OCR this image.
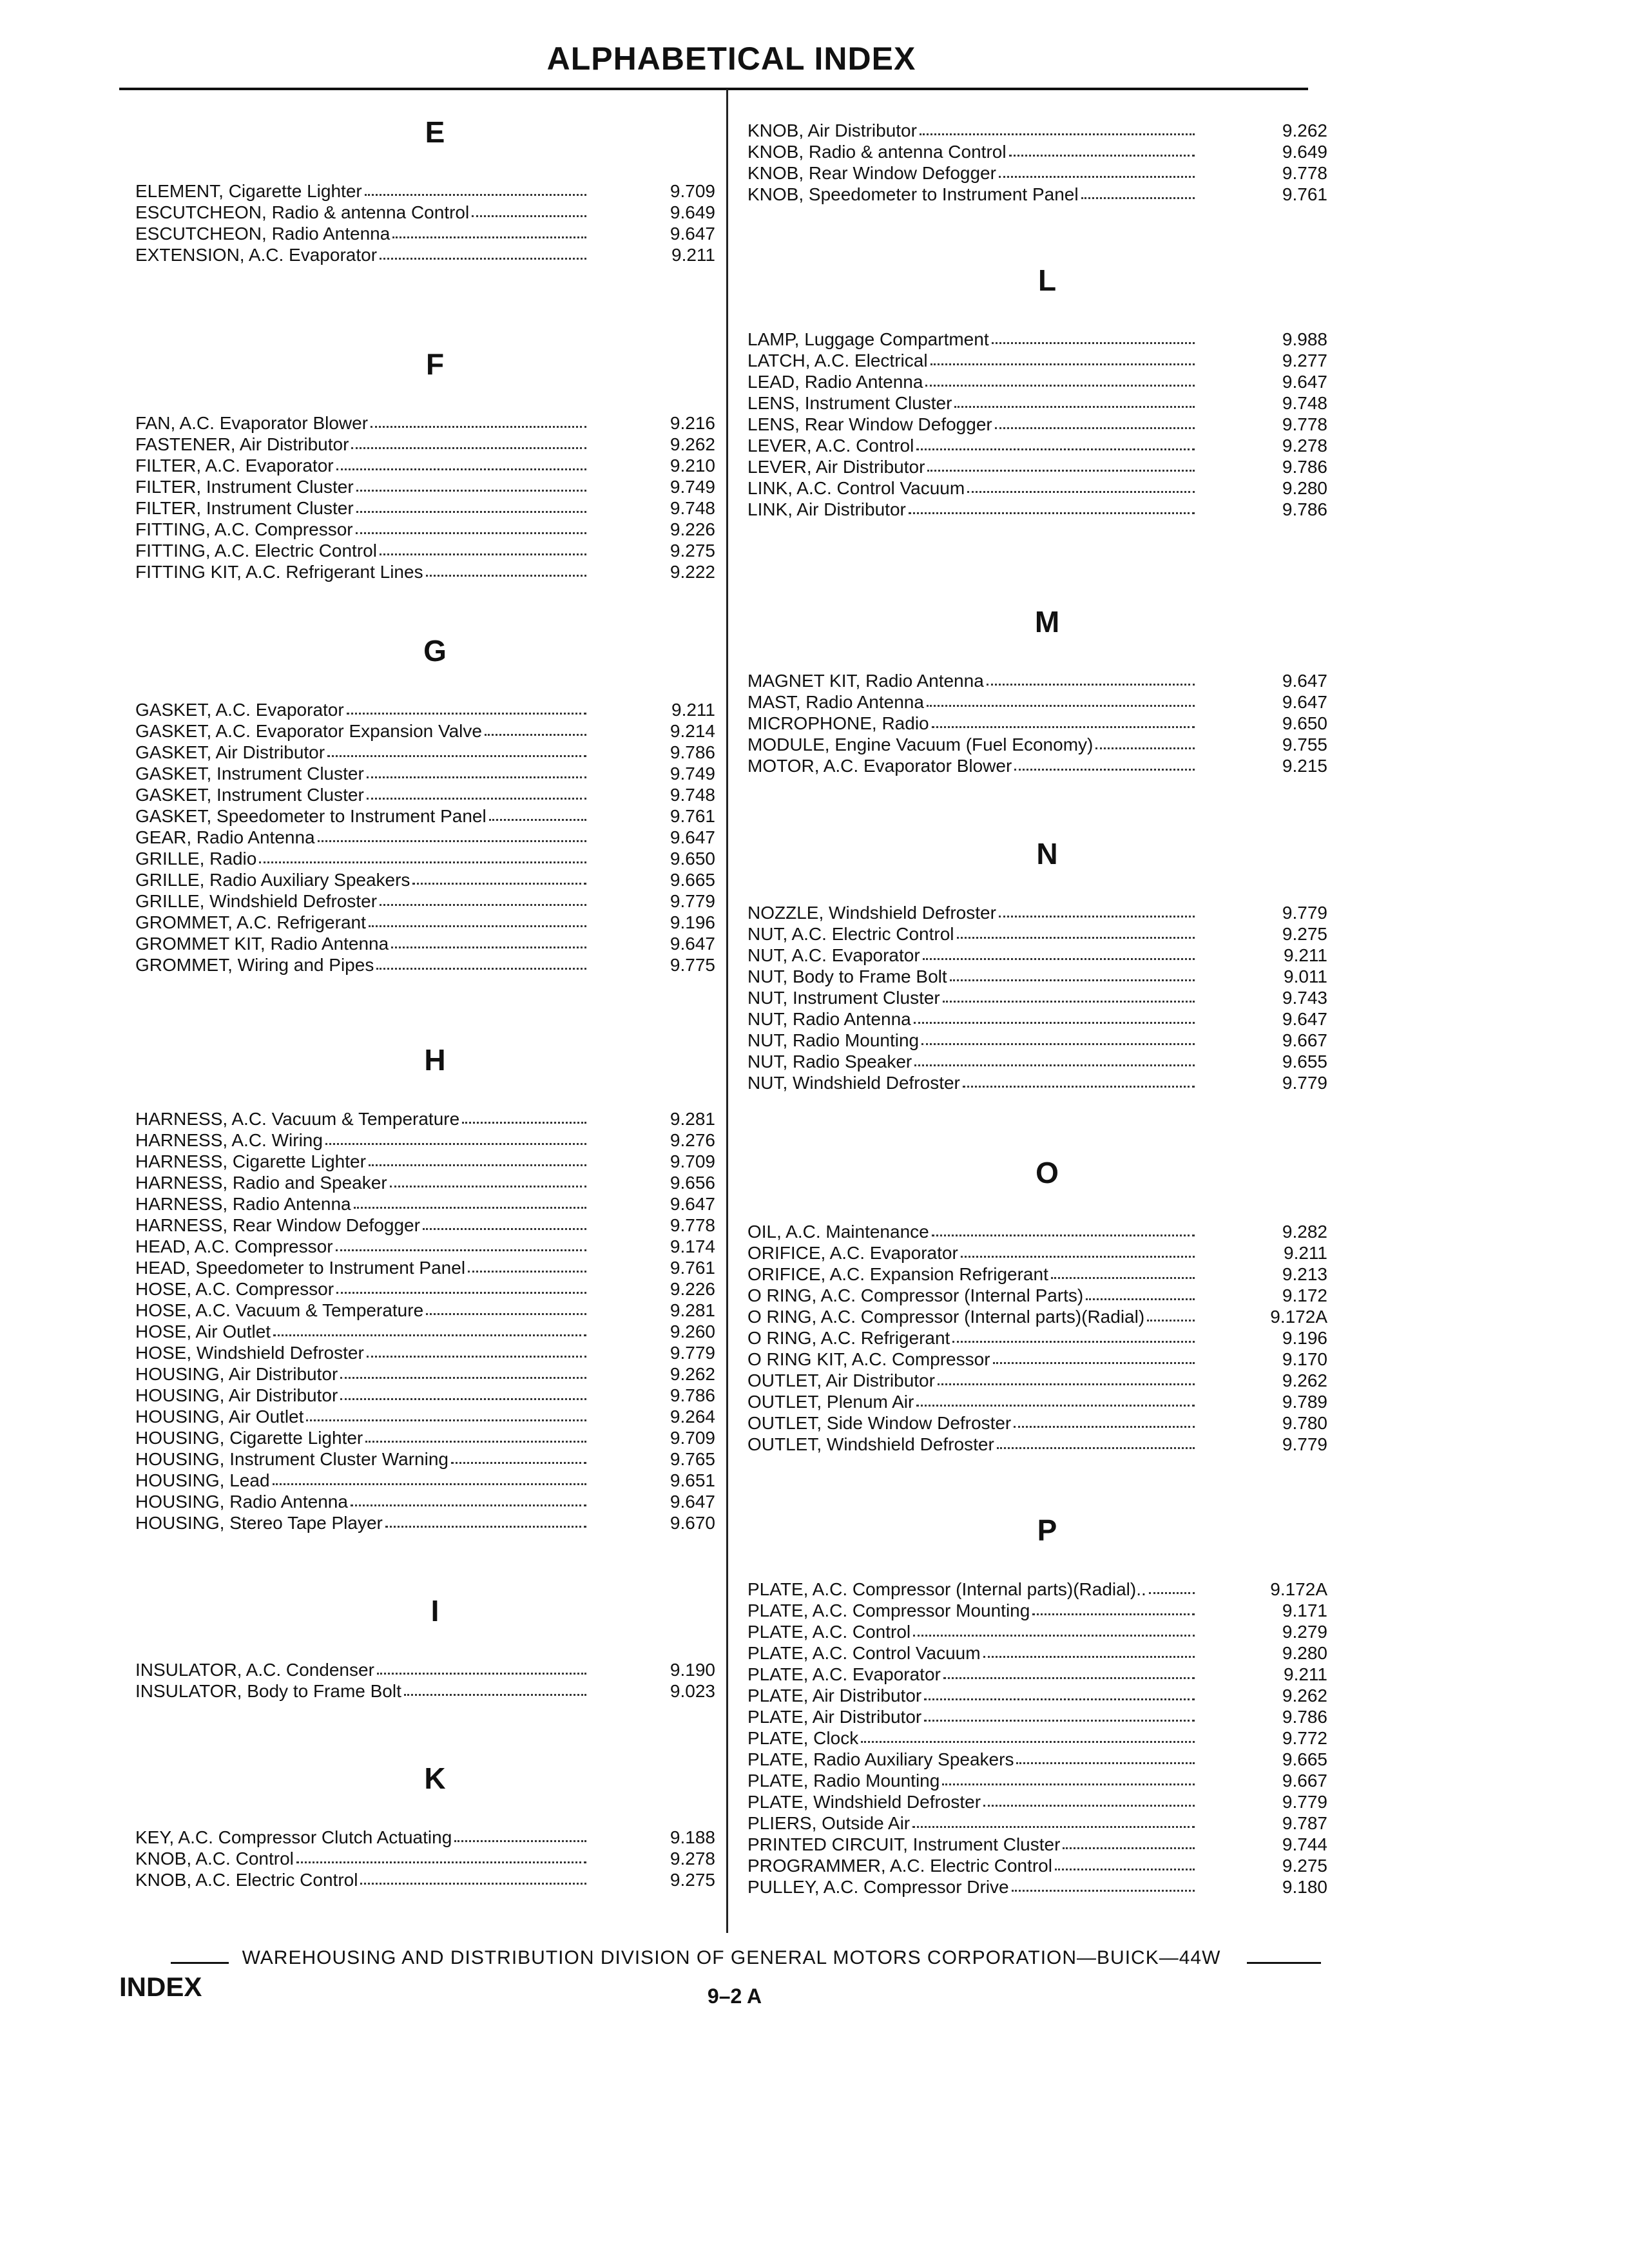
ALPHABETICAL INDEX
E
ELEMENT, Cigarette Lighter	9.709
ESCUTCHEON, Radio & antenna Control	9.649
ESCUTCHEON, Radio Antenna	9.647
EXTENSION, A.C. Evaporator	9.211
F
FAN, A.C. Evaporator Blower	9.216
FASTENER, Air Distributor	9.262
FILTER, A.C. Evaporator	9.210
FILTER, Instrument Cluster	9.749
FILTER, Instrument Cluster	9.748
FITTING, A.C. Compressor	9.226
FITTING, A.C. Electric Control	9.275
FITTING KIT, A.C. Refrigerant Lines	9.222
G
GASKET, A.C. Evaporator	9.211
GASKET, A.C. Evaporator Expansion Valve	9.214
GASKET, Air Distributor	9.786
GASKET, Instrument Cluster	9.749
GASKET, Instrument Cluster	9.748
GASKET, Speedometer to Instrument Panel	9.761
GEAR, Radio Antenna	9.647
GRILLE, Radio	9.650
GRILLE, Radio Auxiliary Speakers	9.665
GRILLE, Windshield Defroster	9.779
GROMMET, A.C. Refrigerant	9.196
GROMMET KIT, Radio Antenna	9.647
GROMMET, Wiring and Pipes	9.775
H
HARNESS, A.C. Vacuum & Temperature	9.281
HARNESS, A.C. Wiring	9.276
HARNESS, Cigarette Lighter	9.709
HARNESS, Radio and Speaker	9.656
HARNESS, Radio Antenna	9.647
HARNESS, Rear Window Defogger	9.778
HEAD, A.C. Compressor	9.174
HEAD, Speedometer to Instrument Panel	9.761
HOSE, A.C. Compressor	9.226
HOSE, A.C. Vacuum & Temperature	9.281
HOSE, Air Outlet	9.260
HOSE, Windshield Defroster	9.779
HOUSING, Air Distributor	9.262
HOUSING, Air Distributor	9.786
HOUSING, Air Outlet	9.264
HOUSING, Cigarette Lighter	9.709
HOUSING, Instrument Cluster Warning	9.765
HOUSING, Lead	9.651
HOUSING, Radio Antenna	9.647
HOUSING, Stereo Tape Player	9.670
I
INSULATOR, A.C. Condenser	9.190
INSULATOR, Body to Frame Bolt	9.023
K
KEY, A.C. Compressor Clutch Actuating	9.188
KNOB, A.C. Control	9.278
KNOB, A.C. Electric Control	9.275
KNOB, Air Distributor	9.262
KNOB, Radio & antenna Control	9.649
KNOB, Rear Window Defogger	9.778
KNOB, Speedometer to Instrument Panel	9.761
L
LAMP, Luggage Compartment	9.988
LATCH, A.C. Electrical	9.277
LEAD, Radio Antenna	9.647
LENS, Instrument Cluster	9.748
LENS, Rear Window Defogger	9.778
LEVER, A.C. Control	9.278
LEVER, Air Distributor	9.786
LINK, A.C. Control Vacuum	9.280
LINK, Air Distributor	9.786
M
MAGNET KIT, Radio Antenna	9.647
MAST, Radio Antenna	9.647
MICROPHONE, Radio	9.650
MODULE, Engine Vacuum (Fuel Economy)	9.755
MOTOR, A.C. Evaporator Blower	9.215
N
NOZZLE, Windshield Defroster	9.779
NUT, A.C. Electric Control	9.275
NUT, A.C. Evaporator	9.211
NUT, Body to Frame Bolt	9.011
NUT, Instrument Cluster	9.743
NUT, Radio Antenna	9.647
NUT, Radio Mounting	9.667
NUT, Radio Speaker	9.655
NUT, Windshield Defroster	9.779
O
OIL, A.C. Maintenance	9.282
ORIFICE, A.C. Evaporator	9.211
ORIFICE, A.C. Expansion Refrigerant	9.213
O RING, A.C. Compressor (Internal Parts)	9.172
O RING, A.C. Compressor (Internal parts)(Radial)	9.172A
O RING, A.C. Refrigerant	9.196
O RING KIT, A.C. Compressor	9.170
OUTLET, Air Distributor	9.262
OUTLET, Plenum Air	9.789
OUTLET, Side Window Defroster	9.780
OUTLET, Windshield Defroster	9.779
P
PLATE, A.C. Compressor (Internal parts)(Radial)..	9.172A
PLATE, A.C. Compressor Mounting	9.171
PLATE, A.C. Control	9.279
PLATE, A.C. Control Vacuum	9.280
PLATE, A.C. Evaporator	9.211
PLATE, Air Distributor	9.262
PLATE, Air Distributor	9.786
PLATE, Clock	9.772
PLATE, Radio Auxiliary Speakers	9.665
PLATE, Radio Mounting	9.667
PLATE, Windshield Defroster	9.779
PLIERS, Outside Air	9.787
PRINTED CIRCUIT, Instrument Cluster	9.744
PROGRAMMER, A.C. Electric Control	9.275
PULLEY, A.C. Compressor Drive	9.180
WAREHOUSING AND DISTRIBUTION DIVISION OF GENERAL MOTORS CORPORATION—BUICK—44W
INDEX	9–2 A
